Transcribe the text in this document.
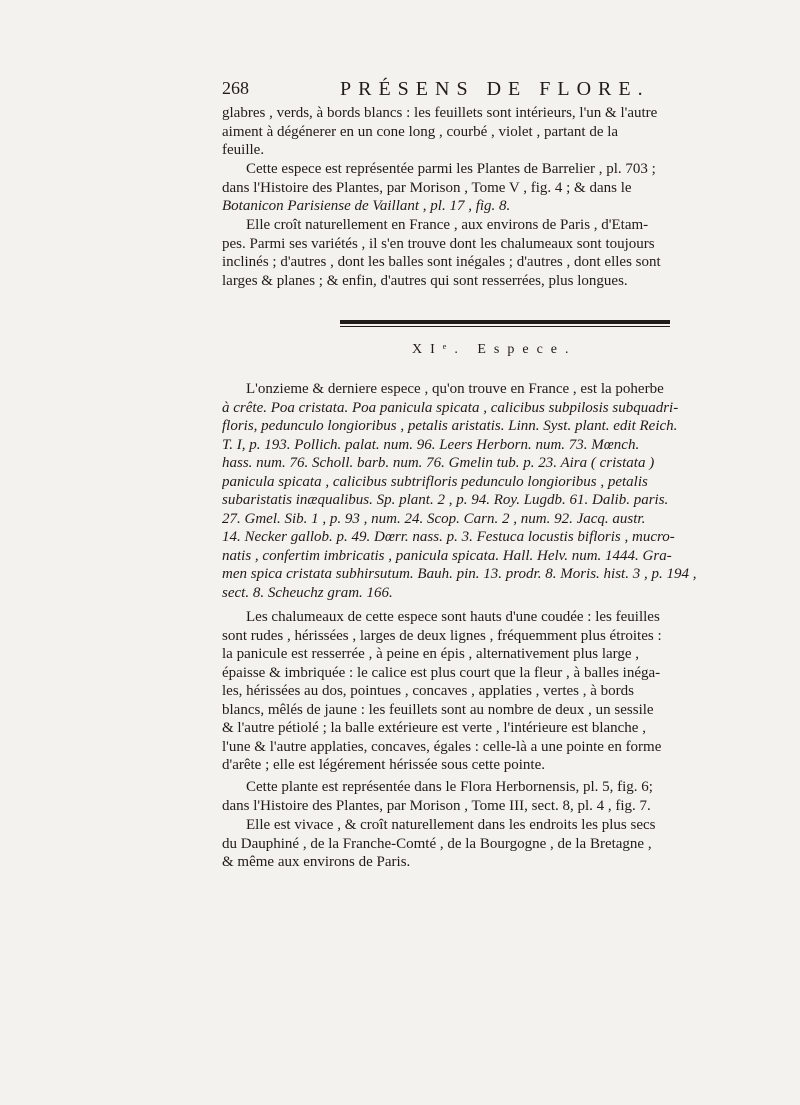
268	PRÉSENS DE FLORE.
glabres , verds, à bords blancs : les feuillets sont intérieurs, l'un & l'autre
aiment à dégénerer en un cone long , courbé , violet , partant de la
feuille.
Cette espece est représentée parmi les Plantes de Barrelier , pl. 703 ;
dans l'Histoire des Plantes, par Morison , Tome V , fig. 4 ; & dans le
Botanicon Parisiense de Vaillant , pl. 17 , fig. 8.
Elle croît naturellement en France , aux environs de Paris , d'Etam-
pes. Parmi ses variétés , il s'en trouve dont les chalumeaux sont toujours
inclinés ; d'autres , dont les balles sont inégales ; d'autres , dont elles sont
larges & planes ; & enfin, d'autres qui sont resserrées, plus longues.
XIᵉ. Espece.
L'onzieme & derniere espece , qu'on trouve en France , est la poherbe
à crête. Poa cristata. Poa panicula spicata , calicibus subpilosis subquadri-
floris, pedunculo longioribus , petalis aristatis. Linn. Syst. plant. edit Reich.
T. I, p. 193. Pollich. palat. num. 96. Leers Herborn. num. 73. Mœnch.
hass. num. 76. Scholl. barb. num. 76. Gmelin tub. p. 23. Aira ( cristata )
panicula spicata , calicibus subtrifloris pedunculo longioribus , petalis
subaristatis inæqualibus. Sp. plant. 2 , p. 94. Roy. Lugdb. 61. Dalib. paris.
27. Gmel. Sib. 1 , p. 93 , num. 24. Scop. Carn. 2 , num. 92. Jacq. austr.
14. Necker gallob. p. 49. Dœrr. nass. p. 3. Festuca locustis bifloris , mucro-
natis , confertim imbricatis , panicula spicata. Hall. Helv. num. 1444. Gra-
men spica cristata subhirsutum. Bauh. pin. 13. prodr. 8. Moris. hist. 3 , p. 194 ,
sect. 8. Scheuchz gram. 166.
Les chalumeaux de cette espece sont hauts d'une coudée : les feuilles
sont rudes , hérissées , larges de deux lignes , fréquemment plus étroites :
la panicule est resserrée , à peine en épis , alternativement plus large ,
épaisse & imbriquée : le calice est plus court que la fleur , à balles inéga-
les, hérissées au dos, pointues , concaves , applaties , vertes , à bords
blancs, mêlés de jaune : les feuillets sont au nombre de deux , un sessile
& l'autre pétiolé ; la balle extérieure est verte , l'intérieure est blanche ,
l'une & l'autre applaties, concaves, égales : celle-là a une pointe en forme
d'arête ; elle est légérement hérissée sous cette pointe.
Cette plante est représentée dans le Flora Herbornensis, pl. 5, fig. 6;
dans l'Histoire des Plantes, par Morison , Tome III, sect. 8, pl. 4 , fig. 7.
Elle est vivace , & croît naturellement dans les endroits les plus secs
du Dauphiné , de la Franche-Comté , de la Bourgogne , de la Bretagne ,
& même aux environs de Paris.
